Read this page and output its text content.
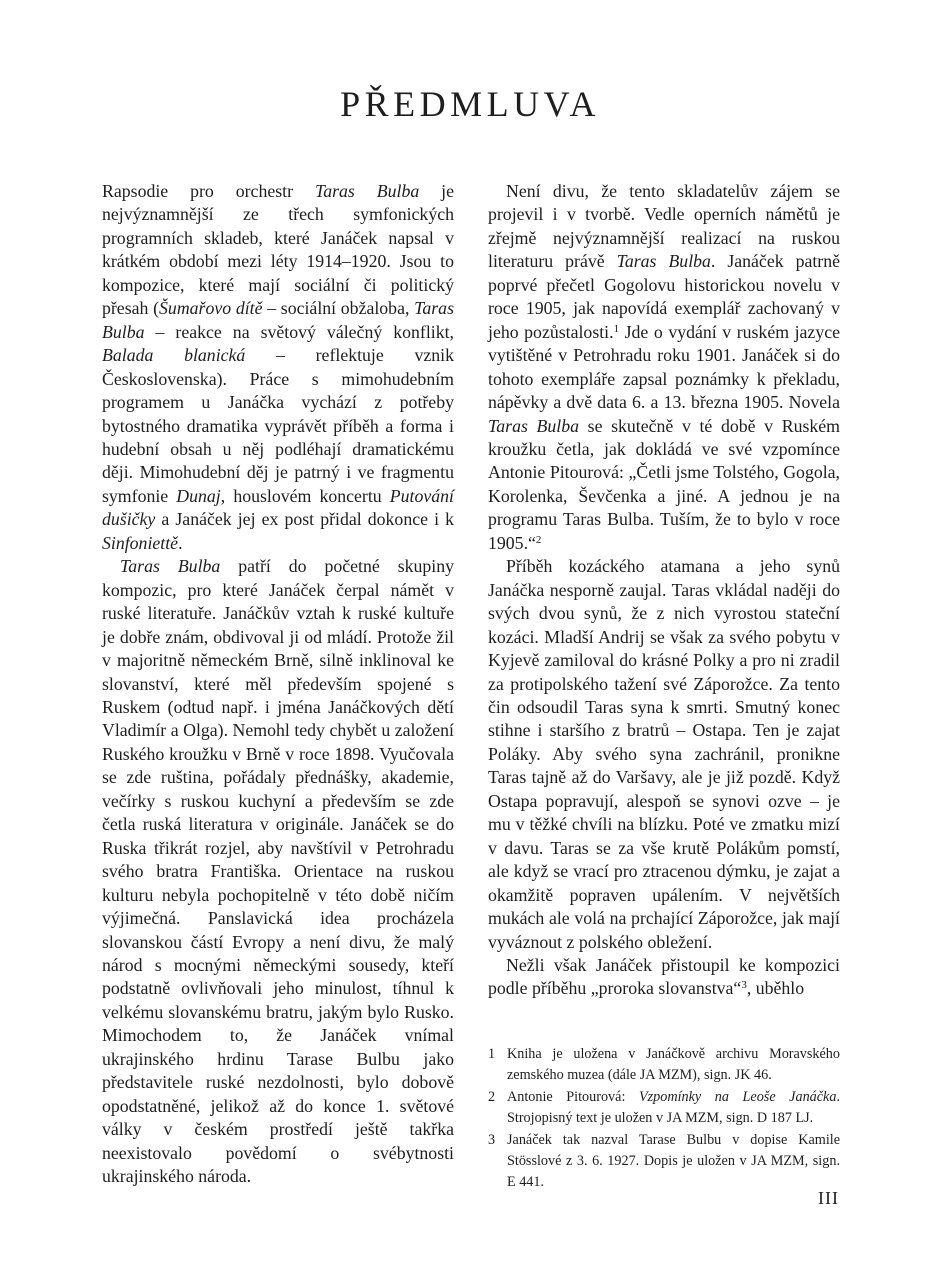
PŘEDMLUVA

Rapsodie pro orchestr Taras Bulba je nejvýznamnější ze třech symfonických programních skladeb, které Janáček napsal v krátkém období mezi léty 1914–1920. Jsou to kompozice, které mají sociální či politický přesah (Šumařovo dítě – sociální obžaloba, Taras Bulba – reakce na světový válečný konflikt, Balada blanická – reflektuje vznik Československa). Práce s mimohudebním programem u Janáčka vychází z potřeby bytostného dramatika vyprávět příběh a forma i hudební obsah u něj podléhají dramatickému ději. Mimohudební děj je patrný i ve fragmentu symfonie Dunaj, houslovém koncertu Putování dušičky a Janáček jej ex post přidal dokonce i k Sinfoniettě.

Taras Bulba patří do početné skupiny kompozic, pro které Janáček čerpal námět v ruské literatuře. Janáčkův vztah k ruské kultuře je dobře znám, obdivoval ji od mládí. Protože žil v majoritně německém Brně, silně inklinoval ke slovanství, které měl především spojené s Ruskem (odtud např. i jména Janáčkových dětí Vladimír a Olga). Nemohl tedy chybět u založení Ruského kroužku v Brně v roce 1898. Vyučovala se zde ruština, pořádaly přednášky, akademie, večírky s ruskou kuchyní a především se zde četla ruská literatura v originále. Janáček se do Ruska třikrát rozjel, aby navštívil v Petrohradu svého bratra Františka. Orientace na ruskou kulturu nebyla pochopitelně v této době ničím výjimečná. Panslavická idea procházela slovanskou částí Evropy a není divu, že malý národ s mocnými německými sousedy, kteří podstatně ovlivňovali jeho minulost, tíhnul k velkému slovanskému bratru, jakým bylo Rusko. Mimochodem to, že Janáček vnímal ukrajinského hrdinu Tarase Bulbu jako představitele ruské nezdolnosti, bylo dobově opodstatněné, jelikož až do konce 1. světové války v českém prostředí ještě takřka neexistovalo povědomí o svébytnosti ukrajinského národa.

Není divu, že tento skladatelův zájem se projevil i v tvorbě. Vedle operních námětů je zřejmě nejvýznamnější realizací na ruskou literaturu právě Taras Bulba. Janáček patrně poprvé přečetl Gogolovu historickou novelu v roce 1905, jak napovídá exemplář zachovaný v jeho pozůstalosti.$^1$ Jde o vydání v ruském jazyce vytištěné v Petrohradu roku 1901. Janáček si do tohoto exempláře zapsal poznámky k překladu, nápěvky a dvě data 6. a 13. března 1905. Novela Taras Bulba se skutečně v té době v Ruském kroužku četla, jak dokládá ve své vzpomínce Antonie Pitourová: „Četli jsme Tolstého, Gogola, Korolenka, Ševčenka a jiné. A jednou je na programu Taras Bulba. Tuším, že to bylo v roce 1905.“$^2$

Příběh kozáckého atamana a jeho synů Janáčka nesporně zaujal. Taras vkládal naději do svých dvou synů, že z nich vyrostou stateční kozáci. Mladší Andrij se však za svého pobytu v Kyjevě zamiloval do krásné Polky a pro ni zradil za protipolského tažení své Záporožce. Za tento čin odsoudil Taras syna k smrti. Smutný konec stihne i staršího z bratrů – Ostapa. Ten je zajat Poláky. Aby svého syna zachránil, pronikne Taras tajně až do Varšavy, ale je již pozdě. Když Ostapa popravují, alespoň se synovi ozve – je mu v těžké chvíli na blízku. Poté ve zmatku mizí v davu. Taras se za vše krutě Polákům pomstí, ale když se vrací pro ztracenou dýmku, je zajat a okamžitě popraven upálením. V největších mukách ale volá na prchající Záporožce, jak mají vyváznout z polského obležení.

Nežli však Janáček přistoupil ke kompozici podle příběhu „proroka slovanstva“$^3$, uběhlo

1 Kniha je uložena v Janáčkově archivu Moravského zemského muzea (dále JA MZM), sign. JK 46.
2 Antonie Pitourová: Vzpomínky na Leoše Janáčka. Strojopisný text je uložen v JA MZM, sign. D 187 LJ.
3 Janáček tak nazval Tarase Bulbu v dopise Kamile Stösslové z 3. 6. 1927. Dopis je uložen v JA MZM, sign. E 441.
III
